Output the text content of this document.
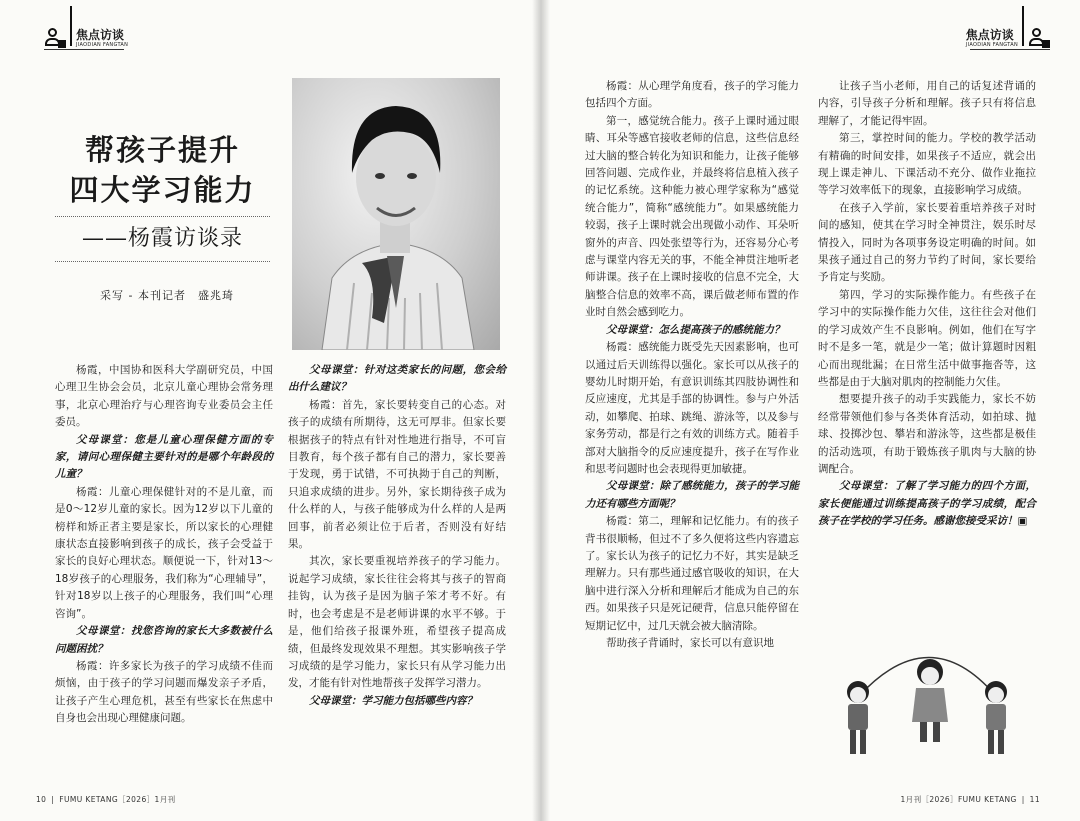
焦点访谈
JIAODIAN FANGTAN
帮孩子提升
四大学习能力
——杨霞访谈录
采写 - 本刊记者　盛兆琦

杨霞，中国协和医科大学副研究员，中国心理卫生协会会员，北京儿童心理协会常务理事，北京心理治疗与心理咨询专业委员会主任委员。

父母课堂：您是儿童心理保健方面的专家，请问心理保健主要针对的是哪个年龄段的儿童？

杨霞：儿童心理保健针对的不是儿童，而是0～12岁儿童的家长。因为12岁以下儿童的榜样和矫正者主要是家长，所以家长的心理健康状态直接影响到孩子的成长，孩子会受益于家长的良好心理状态。顺便说一下，针对13～18岁孩子的心理服务，我们称为“心理辅导”，针对18岁以上孩子的心理服务，我们叫“心理咨询”。

父母课堂：找您咨询的家长大多数被什么问题困扰？

杨霞：许多家长为孩子的学习成绩不佳而烦恼，由于孩子的学习问题而爆发亲子矛盾，让孩子产生心理危机，甚至有些家长在焦虑中自身也会出现心理健康问题。

父母课堂：针对这类家长的问题，您会给出什么建议？

杨霞：首先，家长要转变自己的心态。对孩子的成绩有所期待，这无可厚非。但家长要根据孩子的特点有针对性地进行指导，不可盲目教育，每个孩子都有自己的潜力，家长要善于发现，勇于试错，不可执拗于自己的判断，只追求成绩的进步。另外，家长期待孩子成为什么样的人，与孩子能够成为什么样的人是两回事，前者必须让位于后者，否则没有好结果。

其次，家长要重视培养孩子的学习能力。说起学习成绩，家长往往会将其与孩子的智商挂钩，认为孩子是因为脑子笨才考不好。有时，也会考虑是不是老师讲课的水平不够。于是，他们给孩子报课外班，希望孩子提高成绩，但最终发现效果不理想。其实影响孩子学习成绩的是学习能力，家长只有从学习能力出发，才能有针对性地帮孩子发挥学习潜力。

父母课堂：学习能力包括哪些内容？

焦点访谈
JIAODIAN FANGTAN

杨霞：从心理学角度看，孩子的学习能力包括四个方面。

第一，感觉统合能力。孩子上课时通过眼睛、耳朵等感官接收老师的信息，这些信息经过大脑的整合转化为知识和能力，让孩子能够回答问题、完成作业，并最终将信息植入孩子的记忆系统。这种能力被心理学家称为“感觉统合能力”，简称“感统能力”。如果感统能力较弱，孩子上课时就会出现做小动作、耳朵听窗外的声音、四处张望等行为，还容易分心考虑与课堂内容无关的事，不能全神贯注地听老师讲课。孩子在上课时接收的信息不完全，大脑整合信息的效率不高，课后做老师布置的作业时自然会感到吃力。

父母课堂：怎么提高孩子的感统能力？

杨霞：感统能力既受先天因素影响，也可以通过后天训练得以强化。家长可以从孩子的婴幼儿时期开始，有意识训练其四肢协调性和反应速度，尤其是手部的协调性。参与户外活动，如攀爬、拍球、跳绳、游泳等，以及参与家务劳动，都是行之有效的训练方式。随着手部对大脑指令的反应速度提升，孩子在写作业和思考问题时也会表现得更加敏捷。

父母课堂：除了感统能力，孩子的学习能力还有哪些方面呢？

杨霞：第二，理解和记忆能力。有的孩子背书很顺畅，但过不了多久便将这些内容遗忘了。家长认为孩子的记忆力不好，其实是缺乏理解力。只有那些通过感官吸收的知识，在大脑中进行深入分析和理解后才能成为自己的东西。如果孩子只是死记硬背，信息只能停留在短期记忆中，过几天就会被大脑清除。

帮助孩子背诵时，家长可以有意识地

让孩子当小老师，用自己的话复述背诵的内容，引导孩子分析和理解。孩子只有将信息理解了，才能记得牢固。

第三，掌控时间的能力。学校的教学活动有精确的时间安排，如果孩子不适应，就会出现上课走神儿、下课活动不充分、做作业拖拉等学习效率低下的现象，直接影响学习成绩。

在孩子入学前，家长要着重培养孩子对时间的感知，使其在学习时全神贯注，娱乐时尽情投入，同时为各项事务设定明确的时间。如果孩子通过自己的努力节约了时间，家长要给予肯定与奖励。

第四，学习的实际操作能力。有些孩子在学习中的实际操作能力欠佳，这往往会对他们的学习成效产生不良影响。例如，他们在写字时不是多一笔，就是少一笔；做计算题时因粗心而出现纰漏；在日常生活中做事拖沓等，这些都是由于大脑对肌肉的控制能力欠佳。

想要提升孩子的动手实践能力，家长不妨经常带领他们参与各类体育活动，如拍球、抛球、投掷沙包、攀岩和游泳等，这些都是极佳的活动选项，有助于锻炼孩子肌肉与大脑的协调配合。

父母课堂：了解了学习能力的四个方面，家长便能通过训练提高孩子的学习成绩，配合孩子在学校的学习任务。感谢您接受采访！▣

10 | FUMU KETANG［2026］1月刊	1月刊［2026］FUMU KETANG | 11
